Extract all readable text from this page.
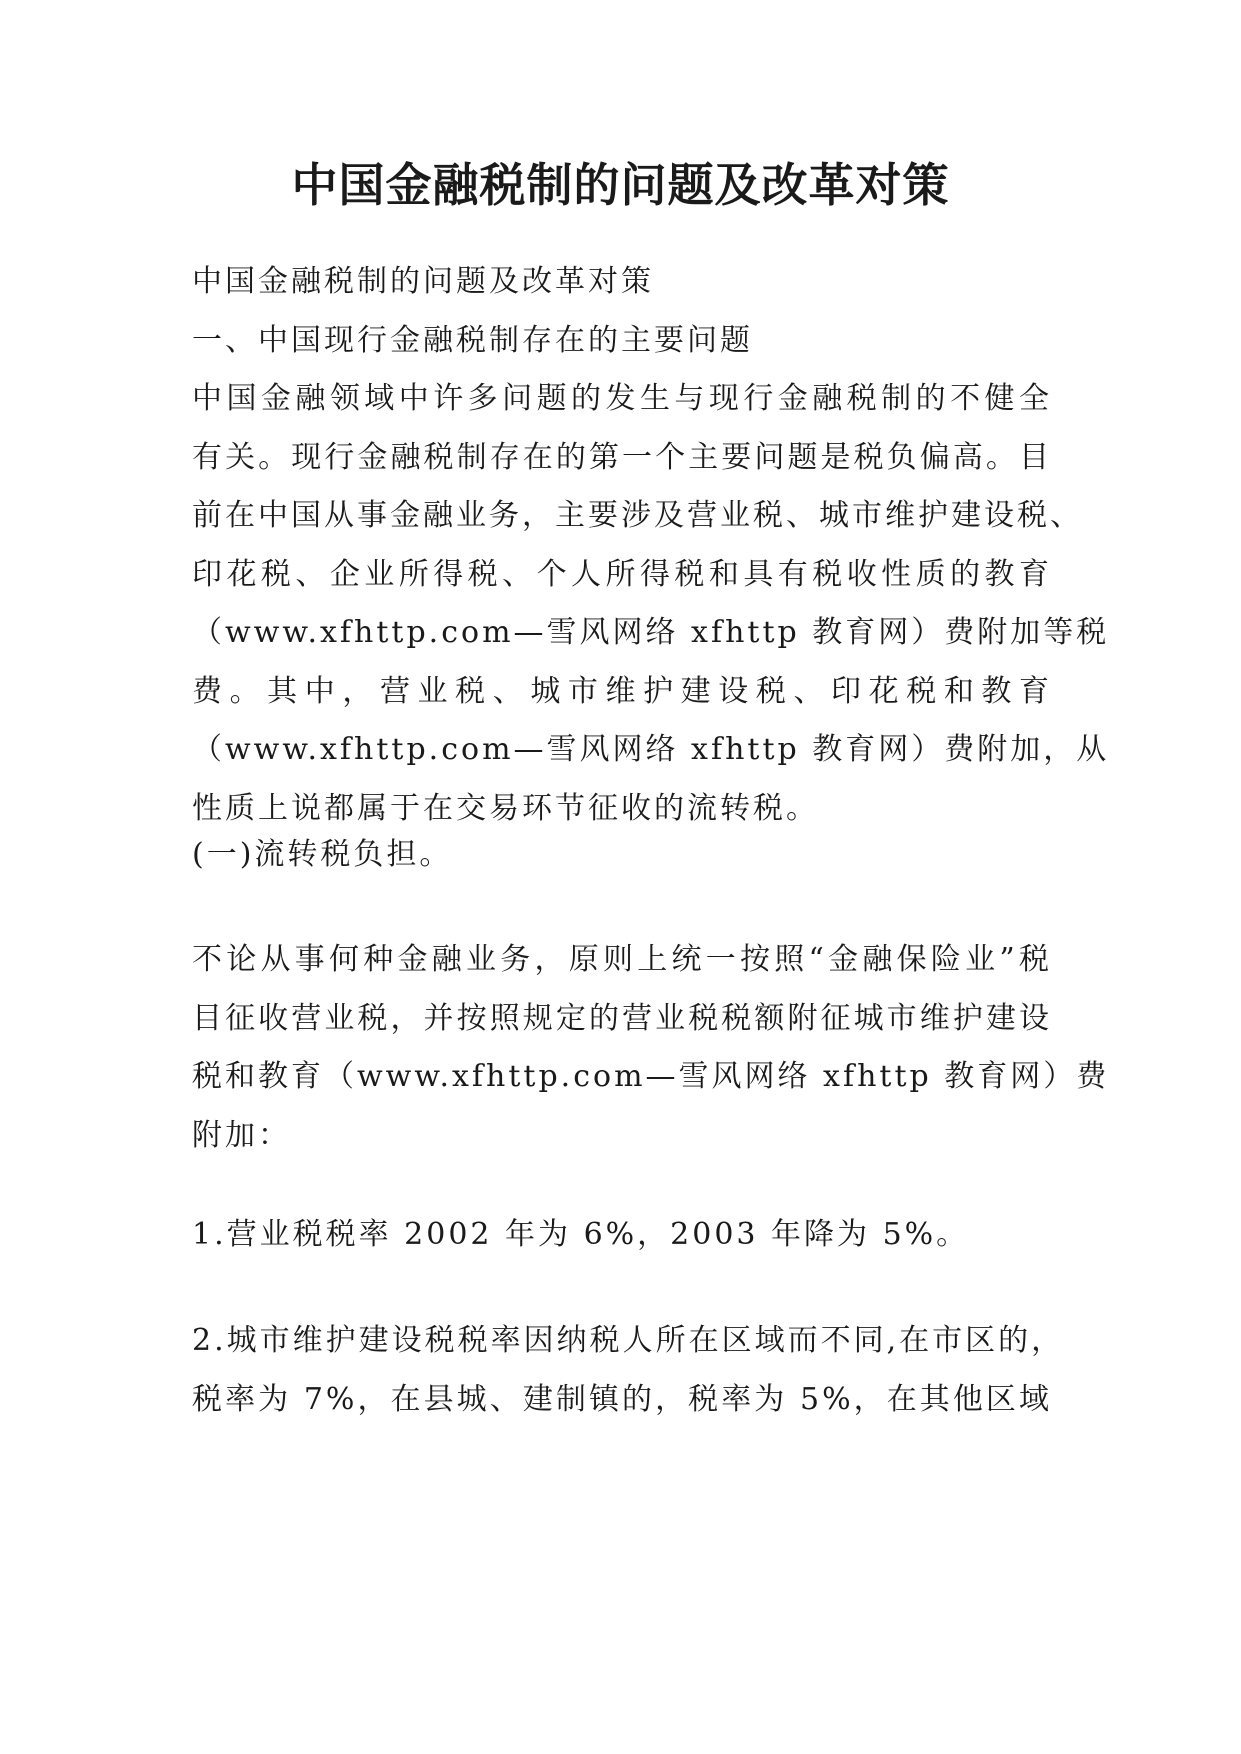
中国金融税制的问题及改革对策
中国金融税制的问题及改革对策
一、中国现行金融税制存在的主要问题
中国金融领域中许多问题的发生与现行金融税制的不健全
有关。现行金融税制存在的第一个主要问题是税负偏高。目
前在中国从事金融业务，主要涉及营业税、城市维护建设税、
印花税、企业所得税、个人所得税和具有税收性质的教育
（www.xfhttp.com—雪风网络 xfhttp 教育网）费附加等税
费。其中，营业税、城市维护建设税、印花税和教育
（www.xfhttp.com—雪风网络 xfhttp 教育网）费附加，从
性质上说都属于在交易环节征收的流转税。
(一)流转税负担。
不论从事何种金融业务，原则上统一按照“金融保险业”税
目征收营业税，并按照规定的营业税税额附征城市维护建设
税和教育（www.xfhttp.com—雪风网络 xfhttp 教育网）费
附加：
1.营业税税率 2002 年为 6%，2003 年降为 5%。
2.城市维护建设税税率因纳税人所在区域而不同,在市区的，
税率为 7%，在县城、建制镇的，税率为 5%，在其他区域
